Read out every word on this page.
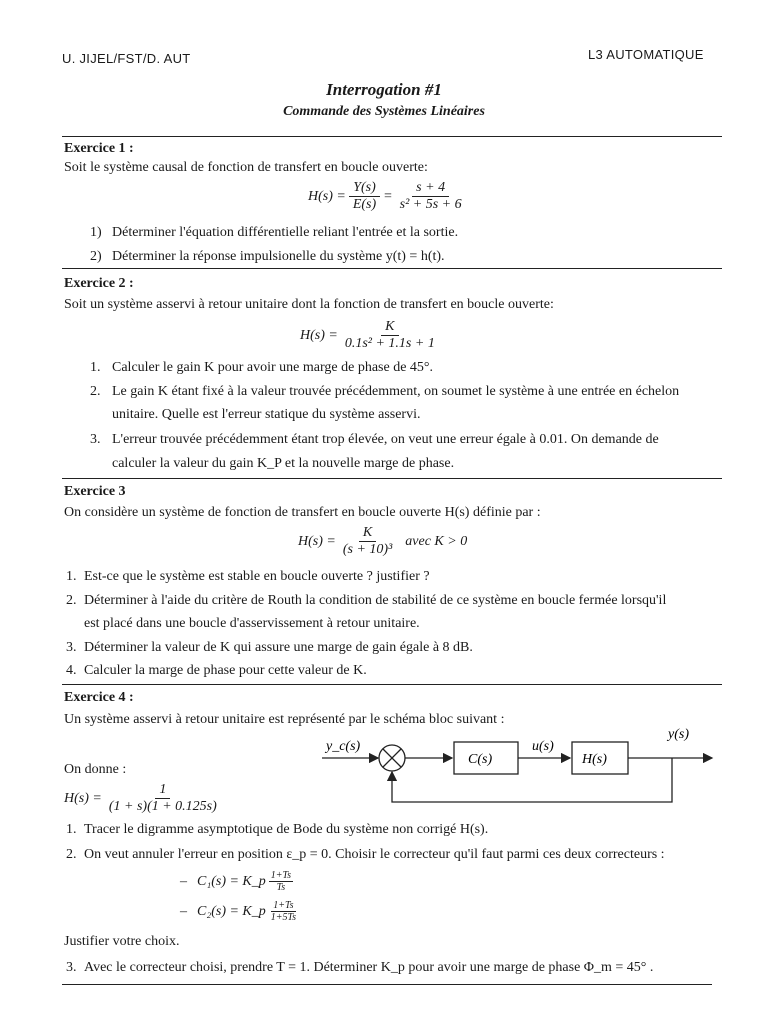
U. JIJEL/FST/D. AUT	L3 AUTOMATIQUE
Interrogation #1
Commande des Systèmes Linéaires
Exercice 1 :
Soit le système causal de fonction de transfert en boucle ouverte:
$H(s) = \frac{Y(s)}{E(s)} = \frac{s + 4}{\text{s² + 5s + 6}}$
1) Déterminer l'équation différentielle reliant l'entrée et la sortie.
2) Déterminer la réponse impulsionelle du système y(t) = h(t).
Exercice 2 :
Soit un système asservi à retour unitaire dont la fonction de transfert en boucle ouverte:
$H(s) = \frac{K}{\text{0.1s² + 1.1s + 1}}$
1. Calculer le gain K pour avoir une marge de phase de 45°.
2. Le gain K étant fixé à la valeur trouvée précédemment, on soumet le système à une entrée en échelon
unitaire. Quelle est l'erreur statique du système asservi.
3. L'erreur trouvée précédemment étant trop élevée, on veut une erreur égale à 0.01. On demande de
calculer la valeur du gain K_P et la nouvelle marge de phase.
Exercice 3
On considère un système de fonction de transfert en boucle ouverte H(s) définie par :
$H(s) = \frac{K}{\text{(s + 10)³}}$ avec K > 0
1. Est-ce que le système est stable en boucle ouverte ? justifier ?
2. Déterminer à l'aide du critère de Routh la condition de stabilité de ce système en boucle fermée lorsqu'il
est placé dans une boucle d'asservissement à retour unitaire.
3. Déterminer la valeur de K qui assure une marge de gain égale à 8 dB.
4. Calculer la marge de phase pour cette valeur de K.
Exercice 4 :
Un système asservi à retour unitaire est représenté par le schéma bloc suivant :
y_c(s)
C(s)
u(s)
H(s)
y(s)
On donne :
$H(s) = \frac{1}{(1 + s)(1 + 0.125s)}$
1. Tracer le digramme asymptotique de Bode du système non corrigé H(s).
2. On veut annuler l'erreur en position ε_p = 0. Choisir le correcteur qu'il faut parmi ces deux correcteurs :
– C₁(s) = K_p $\frac{1+Ts}{Ts}$
– C₂(s) = K_p $\frac{1+Ts}{1+5Ts}$
Justifier votre choix.
3. Avec le correcteur choisi, prendre T = 1. Déterminer K_p pour avoir une marge de phase Φ_m = 45° .
